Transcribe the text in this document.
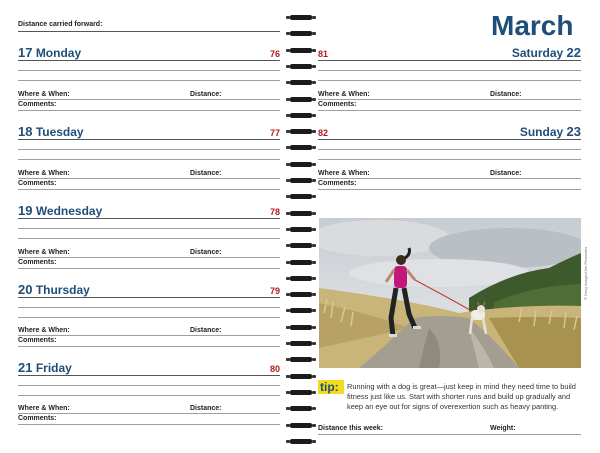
Distance carried forward:
17 Monday	76
Where & When:	Distance:
Comments:
18 Tuesday	77
Where & When:	Distance:
Comments:
19 Wednesday	78
Where & When:	Distance:
Comments:
20 Thursday	79
Where & When:	Distance:
Comments:
21 Friday	80
Where & When:	Distance:
Comments:
March
81	Saturday 22
Where & When:	Distance:
Comments:
82	Sunday 23
Where & When:	Distance:
Comments:
© Drag Images/Jim Picmaster
tip: Running with a dog is great—just keep in mind they need time to build fitness just like us. Start with shorter runs and build up gradually and keep an eye out for signs of overexertion such as heavy panting.
Distance this week:	Weight:
